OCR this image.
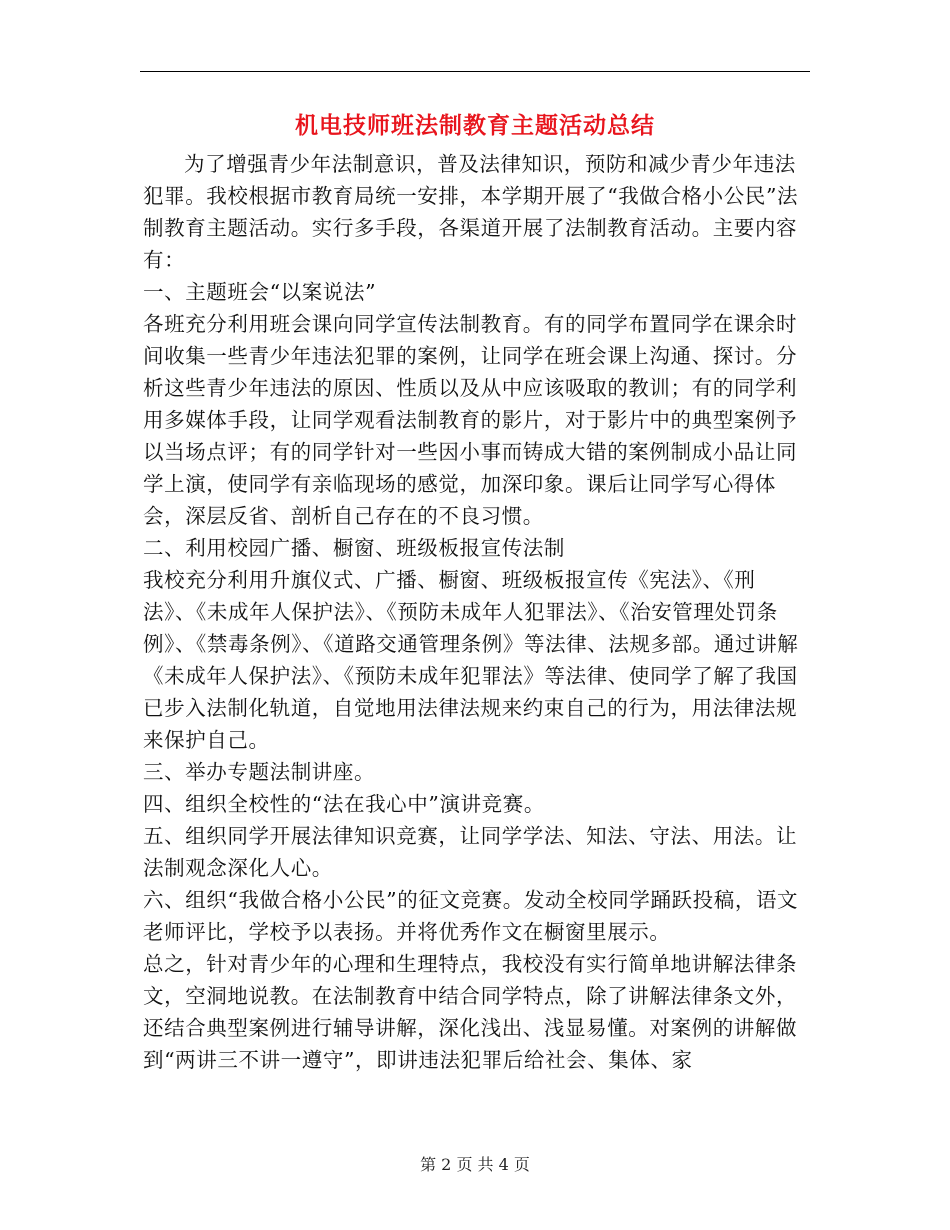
机电技师班法制教育主题活动总结

为了增强青少年法制意识，普及法律知识，预防和减少青少年违法犯罪。我校根据市教育局统一安排，本学期开展了“我做合格小公民”法制教育主题活动。实行多手段，各渠道开展了法制教育活动。主要内容有：

一、主题班会“以案说法”

各班充分利用班会课向同学宣传法制教育。有的同学布置同学在课余时间收集一些青少年违法犯罪的案例，让同学在班会课上沟通、探讨。分析这些青少年违法的原因、性质以及从中应该吸取的教训；有的同学利用多媒体手段，让同学观看法制教育的影片，对于影片中的典型案例予以当场点评；有的同学针对一些因小事而铸成大错的案例制成小品让同学上演，使同学有亲临现场的感觉，加深印象。课后让同学写心得体会，深层反省、剖析自己存在的不良习惯。

二、利用校园广播、橱窗、班级板报宣传法制

我校充分利用升旗仪式、广播、橱窗、班级板报宣传《宪法》、《刑法》、《未成年人保护法》、《预防未成年人犯罪法》、《治安管理处罚条例》、《禁毒条例》、《道路交通管理条例》等法律、法规多部。通过讲解《未成年人保护法》、《预防未成年犯罪法》等法律、使同学了解了我国已步入法制化轨道，自觉地用法律法规来约束自己的行为，用法律法规来保护自己。

三、举办专题法制讲座。

四、组织全校性的“法在我心中”演讲竞赛。

五、组织同学开展法律知识竞赛，让同学学法、知法、守法、用法。让法制观念深化人心。

六、组织“我做合格小公民”的征文竞赛。发动全校同学踊跃投稿，语文老师评比，学校予以表扬。并将优秀作文在橱窗里展示。

总之，针对青少年的心理和生理特点，我校没有实行简单地讲解法律条文，空洞地说教。在法制教育中结合同学特点，除了讲解法律条文外，还结合典型案例进行辅导讲解，深化浅出、浅显易懂。对案例的讲解做到“两讲三不讲一遵守”，即讲违法犯罪后给社会、集体、家

第 2 页 共 4 页
